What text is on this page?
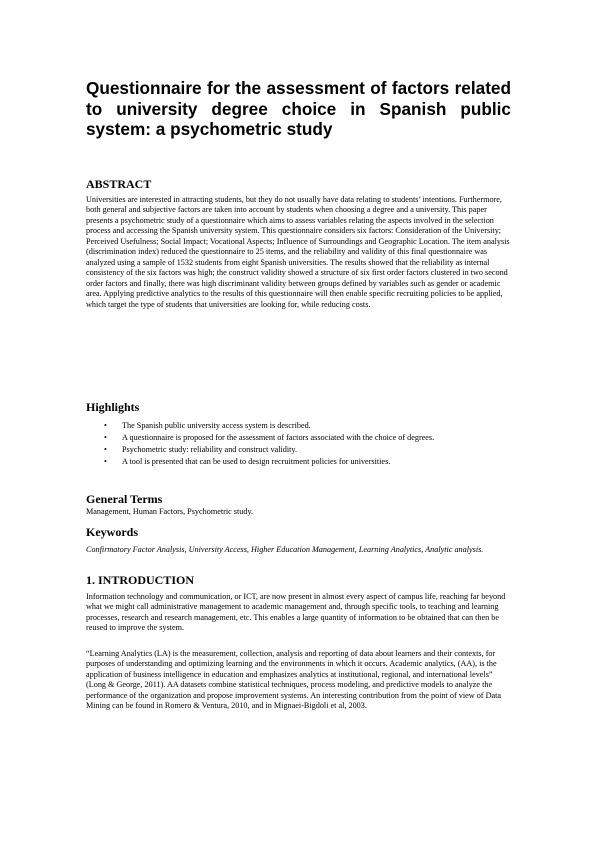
Questionnaire for the assessment of factors related to university degree choice in Spanish public system: a psychometric study
ABSTRACT

Universities are interested in attracting students, but they do not usually have data relating to students’ intentions. Furthermore, both general and subjective factors are taken into account by students when choosing a degree and a university. This paper presents a psychometric study of a questionnaire which aims to assess variables relating the aspects involved in the selection process and accessing the Spanish university system. This questionnaire considers six factors: Consideration of the University; Perceived Usefulness; Social Impact; Vocational Aspects; Influence of Surroundings and Geographic Location. The item analysis (discrimination index) reduced the questionnaire to 25 items, and the reliability and validity of this final questionnaire was analyzed using a sample of 1532 students from eight Spanish universities. The results showed that the reliability as internal consistency of the six factors was high; the construct validity showed a structure of six first order factors clustered in two second order factors and finally, there was high discriminant validity between groups defined by variables such as gender or academic area. Applying predictive analytics to the results of this questionnaire will then enable specific recruiting policies to be applied, which target the type of students that universities are looking for, while reducing costs.

Highlights
• The Spanish public university access system is described.
• A questionnaire is proposed for the assessment of factors associated with the choice of degrees.
• Psychometric study: reliability and construct validity.
• A tool is presented that can be used to design recruitment policies for universities.
General Terms

Management, Human Factors, Psychometric study.

Keywords

Confirmatory Factor Analysis, University Access, Higher Education Management, Learning Analytics, Analytic analysis.

1. INTRODUCTION

Information technology and communication, or ICT, are now present in almost every aspect of campus life, reaching far beyond what we might call administrative management to academic management and, through specific tools, to teaching and learning processes, research and research management, etc. This enables a large quantity of information to be obtained that can then be reused to improve the system.

“Learning Analytics (LA) is the measurement, collection, analysis and reporting of data about learners and their contexts, for purposes of understanding and optimizing learning and the environments in which it occurs. Academic analytics, (AA), is the application of business intelligence in education and emphasizes analytics at institutional, regional, and international levels” (Long & George, 2011). AA datasets combine statistical techniques, process modeling, and predictive models to analyze the performance of the organization and propose improvement systems. An interesting contribution from the point of view of Data Mining can be found in Romero & Ventura, 2010, and in Mignaei-Bigdoli et al, 2003.
